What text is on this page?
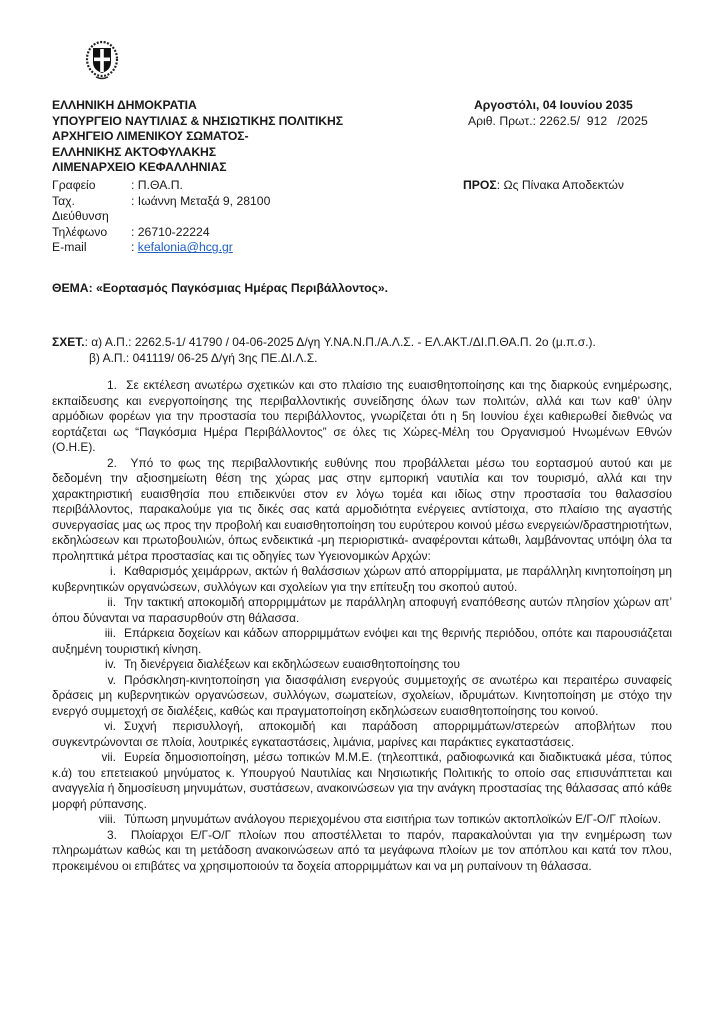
ΕΛΛΗΝΙΚΗ ΔΗΜΟΚΡΑΤΙΑ
ΥΠΟΥΡΓΕΙΟ ΝΑΥΤΙΛΙΑΣ & ΝΗΣΙΩΤΙΚΗΣ ΠΟΛΙΤΙΚΗΣ
ΑΡΧΗΓΕΙΟ ΛΙΜΕΝΙΚΟΥ ΣΩΜΑΤΟΣ-
ΕΛΛΗΝΙΚΗΣ ΑΚΤΟΦΥΛΑΚΗΣ
ΛΙΜΕΝΑΡΧΕΙΟ ΚΕΦΑΛΛΗΝΙΑΣ
Γραφείο	: Π.ΘΑ.Π.
Ταχ. Διεύθυνση
: Ιωάννη Μεταξά 9, 28100
Τηλέφωνο	: 26710-22224
E-mail	: kefalonia@hcg.gr
Αργοστόλι, 04 Ιουνίου 2035
Αριθ. Πρωτ.: 2262.5/  912   /2025
ΠΡΟΣ: Ως Πίνακα Αποδεκτών
ΘΕΜΑ: «Εορτασμός Παγκόσμιας Ημέρας Περιβάλλοντος».
ΣΧΕΤ.: α) Α.Π.: 2262.5-1/ 41790 / 04-06-2025 Δ/γη Υ.ΝΑ.Ν.Π./Α.Λ.Σ. - ΕΛ.ΑΚΤ./ΔΙ.Π.ΘΑ.Π. 2ο (μ.π.σ.).
β) Α.Π.: 041119/ 06-25 Δ/γή 3ης ΠΕ.ΔΙ.Λ.Σ.

1. Σε εκτέλεση ανωτέρω σχετικών και στο πλαίσιο της ευαισθητοποίησης και της διαρκούς ενημέρωσης, εκπαίδευσης και ενεργοποίησης της περιβαλλοντικής συνείδησης όλων των πολιτών, αλλά και των καθ’ ύλην αρμόδιων φορέων για την προστασία του περιβάλλοντος, γνωρίζεται ότι η 5η Ιουνίου έχει καθιερωθεί διεθνώς να εορτάζεται ως “Παγκόσμια Ημέρα Περιβάλλοντος” σε όλες τις Χώρες-Μέλη του Οργανισμού Ηνωμένων Εθνών (Ο.Η.Ε).

2. Υπό το φως της περιβαλλοντικής ευθύνης που προβάλλεται μέσω του εορτασμού αυτού και με δεδομένη την αξιοσημείωτη θέση της χώρας μας στην εμπορική ναυτιλία και τον τουρισμό, αλλά και την χαρακτηριστική ευαισθησία που επιδεικνύει στον εν λόγω τομέα και ιδίως στην προστασία του θαλασσίου περιβάλλοντος, παρακαλούμε για τις δικές σας κατά αρμοδιότητα ενέργειες αντίστοιχα, στο πλαίσιο της αγαστής συνεργασίας μας ως προς την προβολή και ευαισθητοποίηση του ευρύτερου κοινού μέσω ενεργειών/δραστηριοτήτων, εκδηλώσεων και πρωτοβουλιών, όπως ενδεικτικά -μη περιοριστικά- αναφέρονται κάτωθι, λαμβάνοντας υπόψη όλα τα προληπτικά μέτρα προστασίας και τις οδηγίες των Υγειονομικών Αρχών:

i. Καθαρισμός χειμάρρων, ακτών ή θαλάσσιων χώρων από απορρίμματα, με παράλληλη κινητοποίηση μη κυβερνητικών οργανώσεων, συλλόγων και σχολείων για την επίτευξη του σκοπού αυτού.

ii. Την τακτική αποκομιδή απορριμμάτων με παράλληλη αποφυγή εναπόθεσης αυτών πλησίον χώρων απ’ όπου δύνανται να παρασυρθούν στη θάλασσα.

iii. Επάρκεια δοχείων και κάδων απορριμμάτων ενόψει και της θερινής περιόδου, οπότε και παρουσιάζεται αυξημένη τουριστική κίνηση.

iv. Τη διενέργεια διαλέξεων και εκδηλώσεων ευαισθητοποίησης του

v. Πρόσκληση-κινητοποίηση για διασφάλιση ενεργούς συμμετοχής σε ανωτέρω και περαιτέρω συναφείς δράσεις μη κυβερνητικών οργανώσεων, συλλόγων, σωματείων, σχολείων, ιδρυμάτων. Κινητοποίηση με στόχο την ενεργό συμμετοχή σε διαλέξεις, καθώς και πραγματοποίηση εκδηλώσεων ευαισθητοποίησης του κοινού.

vi. Συχνή περισυλλογή, αποκομιδή και παράδοση απορριμμάτων/στερεών αποβλήτων που συγκεντρώνονται σε πλοία, λουτρικές εγκαταστάσεις, λιμάνια, μαρίνες και παράκτιες εγκαταστάσεις.

vii. Ευρεία δημοσιοποίηση, μέσω τοπικών Μ.Μ.Ε. (τηλεοπτικά, ραδιοφωνικά και διαδικτυακά μέσα, τύπος κ.ά) του επετειακού μηνύματος κ. Υπουργού Ναυτιλίας και Νησιωτικής Πολιτικής το οποίο σας επισυνάπτεται και αναγγελία ή δημοσίευση μηνυμάτων, συστάσεων, ανακοινώσεων για την ανάγκη προστασίας της θάλασσας από κάθε μορφή ρύπανσης.

viii. Τύπωση μηνυμάτων ανάλογου περιεχομένου στα εισιτήρια των τοπικών ακτοπλοϊκών Ε/Γ-Ο/Γ πλοίων.

3. Πλοίαρχοι Ε/Γ-Ο/Γ πλοίων που αποστέλλεται το παρόν, παρακαλούνται για την ενημέρωση των πληρωμάτων καθώς και τη μετάδοση ανακοινώσεων από τα μεγάφωνα πλοίων με τον απόπλου και κατά τον πλου, προκειμένου οι επιβάτες να χρησιμοποιούν τα δοχεία απορριμμάτων και να μη ρυπαίνουν τη θάλασσα.
